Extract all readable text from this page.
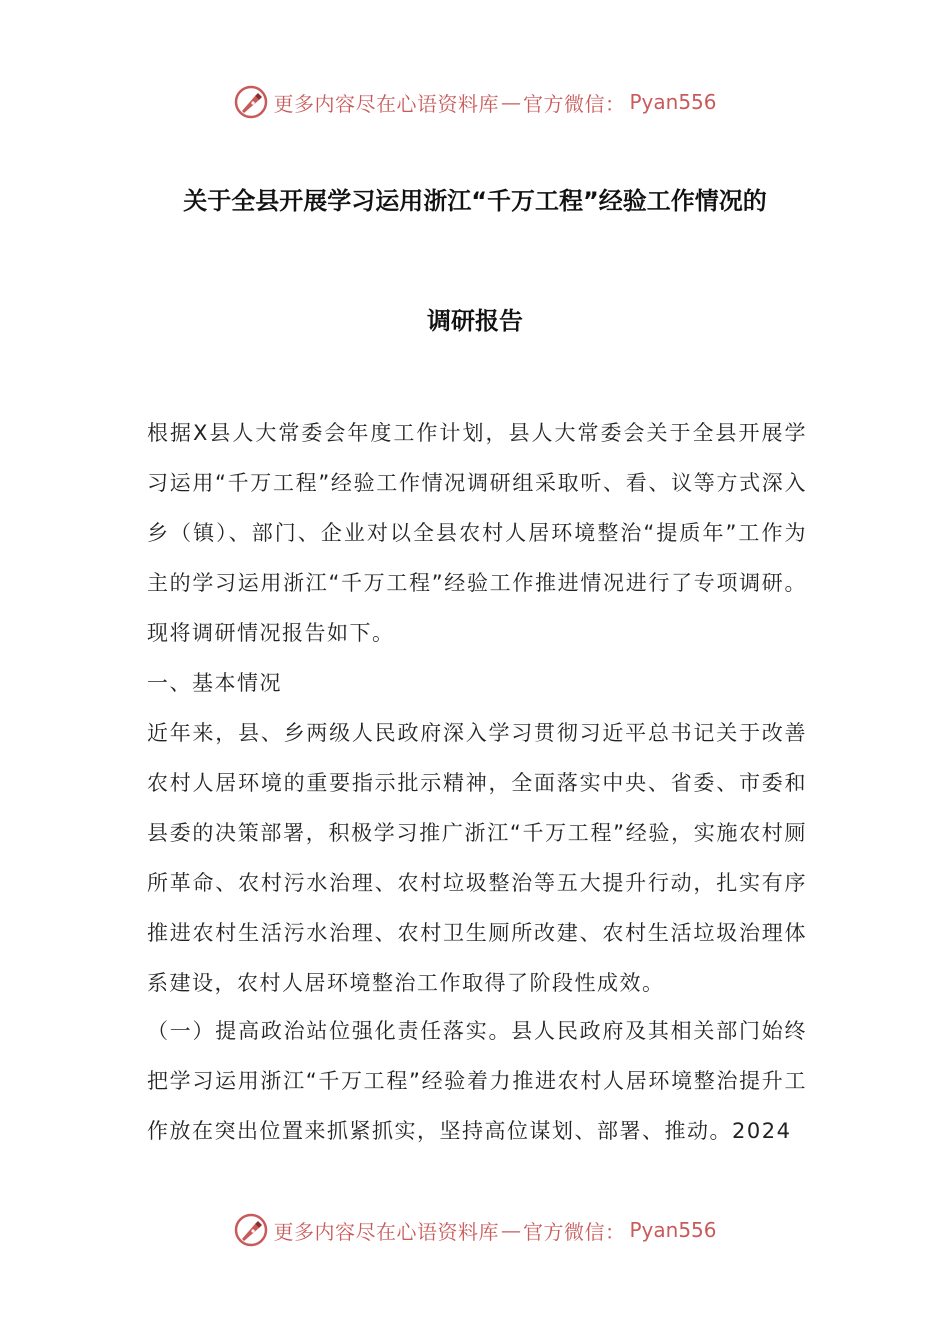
更多内容尽在心语资料库 — 官方微信： Pyan556
关于全县开展学习运用浙江“千万工程”经验工作情况的
调研报告
根据X县人大常委会年度工作计划，县人大常委会关于全县开展学习运用“千万工程”经验工作情况调研组采取听、看、议等方式深入乡（镇）、部门、企业对以全县农村人居环境整治“提质年”工作为主的学习运用浙江“千万工程”经验工作推进情况进行了专项调研。现将调研情况报告如下。
一、基本情况
近年来，县、乡两级人民政府深入学习贯彻习近平总书记关于改善农村人居环境的重要指示批示精神，全面落实中央、省委、市委和县委的决策部署，积极学习推广浙江“千万工程”经验，实施农村厕所革命、农村污水治理、农村垃圾整治等五大提升行动，扎实有序推进农村生活污水治理、农村卫生厕所改建、农村生活垃圾治理体系建设，农村人居环境整治工作取得了阶段性成效。
（一）提高政治站位强化责任落实。县人民政府及其相关部门始终把学习运用浙江“千万工程”经验着力推进农村人居环境整治提升工作放在突出位置来抓紧抓实，坚持高位谋划、部署、推动。2024
更多内容尽在心语资料库 — 官方微信： Pyan556
